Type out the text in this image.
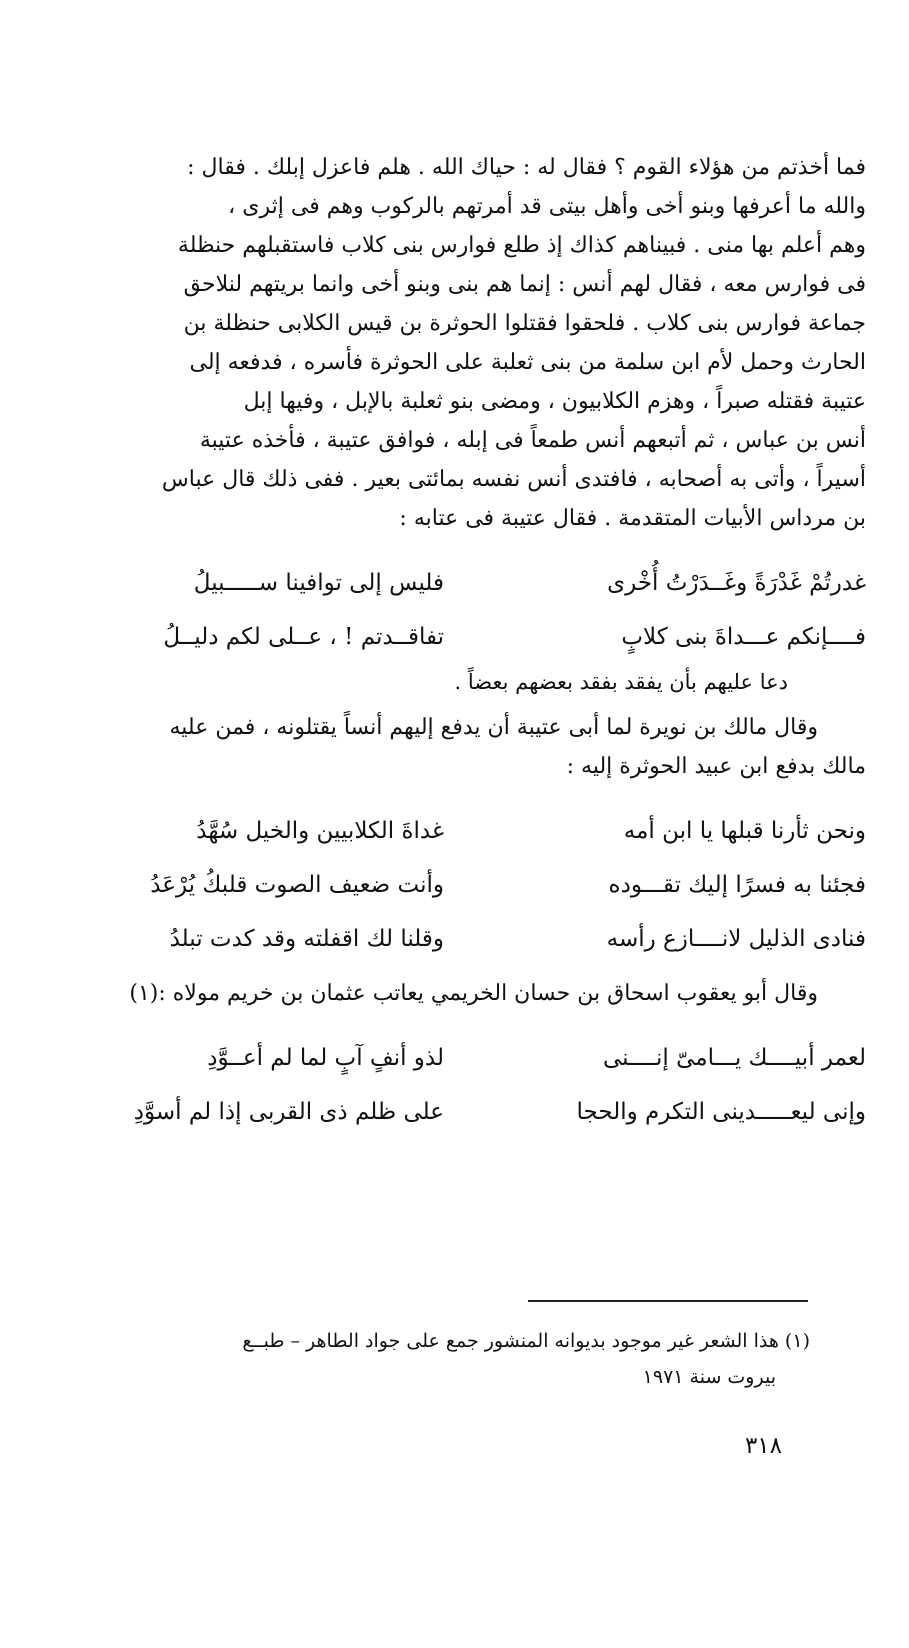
فما أخذتم من هؤلاء القوم ؟ فقال له : حياك الله . هلم فاعزل إبلك . فقال :
والله ما أعرفها وبنو أخى وأهل بيتى قد أمرتهم بالركوب وهم فى إثرى ،
وهم أعلم بها منى . فبيناهم كذاك إذ طلع فوارس بنى كلاب فاستقبلهم حنظلة
فى فوارس معه ، فقال لهم أنس : إنما هم بنى وبنو أخى وانما بريتهم لنلاحق
جماعة فوارس بنى كلاب . فلحقوا فقتلوا الحوثرة بن قيس الكلابى حنظلة بن
الحارث وحمل لأم ابن سلمة من بنى ثعلبة على الحوثرة فأسره ، فدفعه إلى
عتيبة فقتله صبراً ، وهزم الكلابيون ، ومضى بنو ثعلبة بالإبل ، وفيها إبل
أنس بن عباس ، ثم أتبعهم أنس طمعاً فى إبله ، فوافق عتيبة ، فأخذه عتيبة
أسيراً ، وأتى به أصحابه ، فافتدى أنس نفسه بمائتى بعير . ففى ذلك قال عباس
بن مرداس الأبيات المتقدمة . فقال عتيبة فى عتابه :
غدرتُمْ غَدْرَةً وغَــدَرْتُ أُخْرى
فليس إلى توافينا ســـــبيلُ
فــــإنكم عـــداةَ بنى كلابٍ
تفاقــدتم ! ، عــلى لكم دليــلُ
دعا عليهم بأن يفقد بفقد بعضهم بعضاً .
وقال مالك بن نويرة لما أبى عتيبة أن يدفع إليهم أنساً يقتلونه ، فمن عليه
مالك بدفع ابن عبيد الحوثرة إليه :
ونحن ثأرنا قبلها يا ابن أمه
غداةَ الكلابيين والخيل سُهَّدُ
فجئنا به فسرًا إليك تقـــوده
وأنت ضعيف الصوت قلبكُ يُرْعَدُ
فنادى الذليل لانــــازع رأسه
وقلنا لك اقفلته وقد كدت تبلدُ
وقال أبو يعقوب اسحاق بن حسان الخريمي يعاتب عثمان بن خريم مولاه :(١)
لعمر أبيــــك يـــامىّ إنــــنى
لذو أنفٍ آبٍ لما لم أعــوَّدِ
وإنى ليعـــــدينى التكرم والحجا
على ظلم ذى القربى إذا لم أسوَّدِ
(١) هذا الشعر غير موجود بديوانه المنشور جمع على جواد الطاهر – طبــع
بيروت سنة ١٩٧١
٣١٨
